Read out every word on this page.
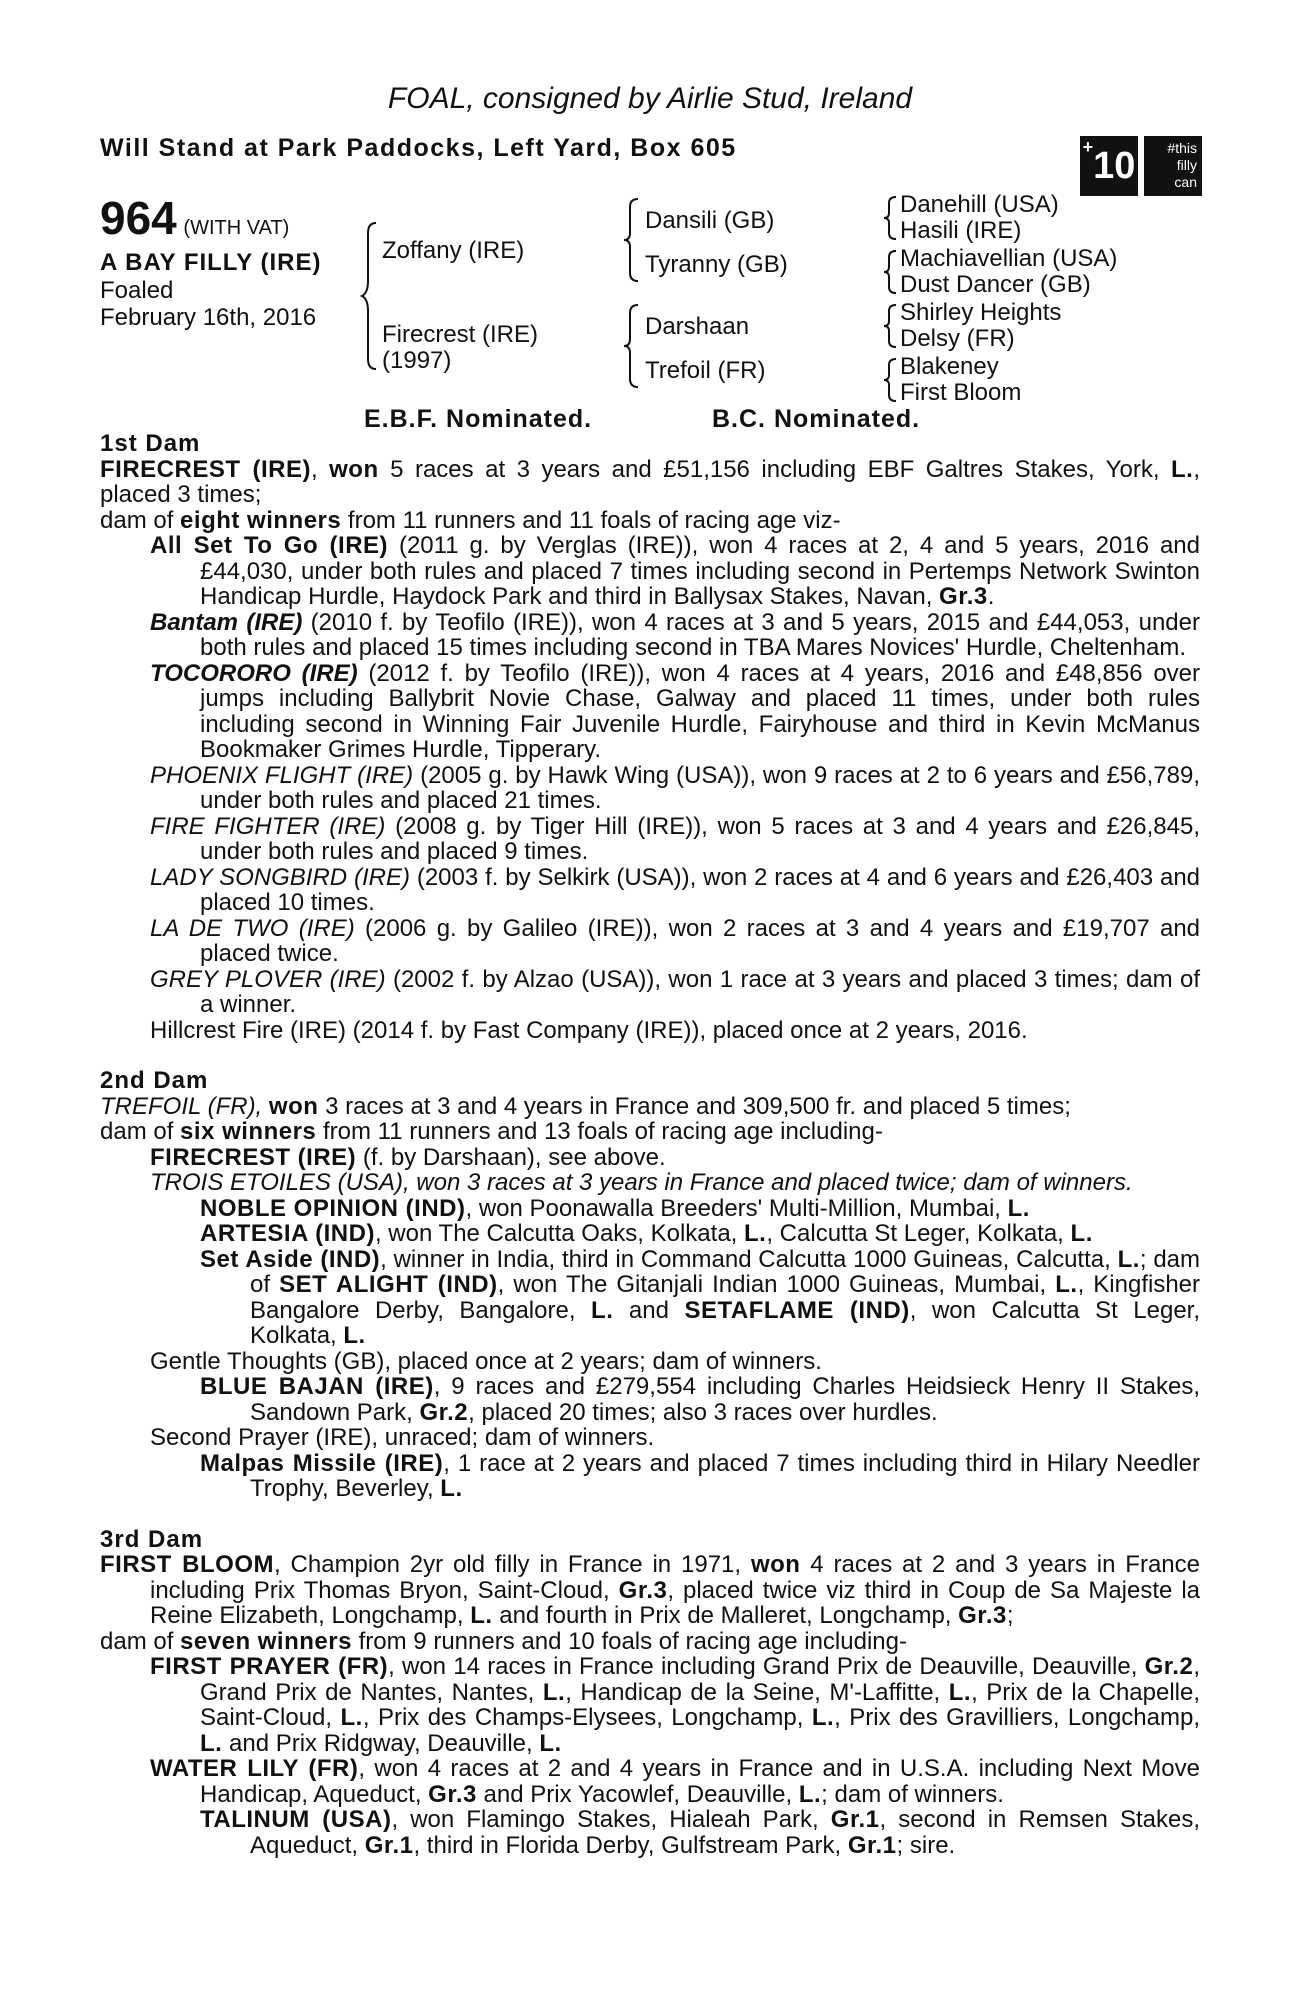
FOAL, consigned by Airlie Stud, Ireland
Will Stand at Park Paddocks, Left Yard, Box 605	+10	#this
filly
can
964 (WITH VAT)
A BAY FILLY (IRE)
Foaled
February 16th, 2016
Zoffany (IRE)
Firecrest (IRE)
(1997)
Dansili (GB)
Tyranny (GB)
Darshaan
Trefoil (FR)
Danehill (USA)
Hasili (IRE)
Machiavellian (USA)
Dust Dancer (GB)
Shirley Heights
Delsy (FR)
Blakeney
First Bloom
E.B.F. Nominated.	B.C. Nominated.

1st Dam

FIRECREST (IRE), won 5 races at 3 years and £51,156 including EBF Galtres Stakes, York, L., placed 3 times;

dam of eight winners from 11 runners and 11 foals of racing age viz-

All Set To Go (IRE) (2011 g. by Verglas (IRE)), won 4 races at 2, 4 and 5 years, 2016 and £44,030, under both rules and placed 7 times including second in Pertemps Network Swinton Handicap Hurdle, Haydock Park and third in Ballysax Stakes, Navan, Gr.3.

Bantam (IRE) (2010 f. by Teofilo (IRE)), won 4 races at 3 and 5 years, 2015 and £44,053, under both rules and placed 15 times including second in TBA Mares Novices' Hurdle, Cheltenham.

TOCORORO (IRE) (2012 f. by Teofilo (IRE)), won 4 races at 4 years, 2016 and £48,856 over jumps including Ballybrit Novie Chase, Galway and placed 11 times, under both rules including second in Winning Fair Juvenile Hurdle, Fairyhouse and third in Kevin McManus Bookmaker Grimes Hurdle, Tipperary.

PHOENIX FLIGHT (IRE) (2005 g. by Hawk Wing (USA)), won 9 races at 2 to 6 years and £56,789, under both rules and placed 21 times.

FIRE FIGHTER (IRE) (2008 g. by Tiger Hill (IRE)), won 5 races at 3 and 4 years and £26,845, under both rules and placed 9 times.

LADY SONGBIRD (IRE) (2003 f. by Selkirk (USA)), won 2 races at 4 and 6 years and £26,403 and placed 10 times.

LA DE TWO (IRE) (2006 g. by Galileo (IRE)), won 2 races at 3 and 4 years and £19,707 and placed twice.

GREY PLOVER (IRE) (2002 f. by Alzao (USA)), won 1 race at 3 years and placed 3 times; dam of a winner.

Hillcrest Fire (IRE) (2014 f. by Fast Company (IRE)), placed once at 2 years, 2016.

2nd Dam

TREFOIL (FR), won 3 races at 3 and 4 years in France and 309,500 fr. and placed 5 times;

dam of six winners from 11 runners and 13 foals of racing age including-

FIRECREST (IRE) (f. by Darshaan), see above.

TROIS ETOILES (USA), won 3 races at 3 years in France and placed twice; dam of winners.

NOBLE OPINION (IND), won Poonawalla Breeders' Multi-Million, Mumbai, L.

ARTESIA (IND), won The Calcutta Oaks, Kolkata, L., Calcutta St Leger, Kolkata, L.

Set Aside (IND), winner in India, third in Command Calcutta 1000 Guineas, Calcutta, L.; dam of SET ALIGHT (IND), won The Gitanjali Indian 1000 Guineas, Mumbai, L., Kingfisher Bangalore Derby, Bangalore, L. and SETAFLAME (IND), won Calcutta St Leger, Kolkata, L.

Gentle Thoughts (GB), placed once at 2 years; dam of winners.

BLUE BAJAN (IRE), 9 races and £279,554 including Charles Heidsieck Henry II Stakes, Sandown Park, Gr.2, placed 20 times; also 3 races over hurdles.

Second Prayer (IRE), unraced; dam of winners.

Malpas Missile (IRE), 1 race at 2 years and placed 7 times including third in Hilary Needler Trophy, Beverley, L.

3rd Dam

FIRST BLOOM, Champion 2yr old filly in France in 1971, won 4 races at 2 and 3 years in France including Prix Thomas Bryon, Saint-Cloud, Gr.3, placed twice viz third in Coup de Sa Majeste la Reine Elizabeth, Longchamp, L. and fourth in Prix de Malleret, Longchamp, Gr.3;

dam of seven winners from 9 runners and 10 foals of racing age including-

FIRST PRAYER (FR), won 14 races in France including Grand Prix de Deauville, Deauville, Gr.2, Grand Prix de Nantes, Nantes, L., Handicap de la Seine, M'-Laffitte, L., Prix de la Chapelle, Saint-Cloud, L., Prix des Champs-Elysees, Longchamp, L., Prix des Gravilliers, Longchamp, L. and Prix Ridgway, Deauville, L.

WATER LILY (FR), won 4 races at 2 and 4 years in France and in U.S.A. including Next Move Handicap, Aqueduct, Gr.3 and Prix Yacowlef, Deauville, L.; dam of winners.

TALINUM (USA), won Flamingo Stakes, Hialeah Park, Gr.1, second in Remsen Stakes, Aqueduct, Gr.1, third in Florida Derby, Gulfstream Park, Gr.1; sire.
